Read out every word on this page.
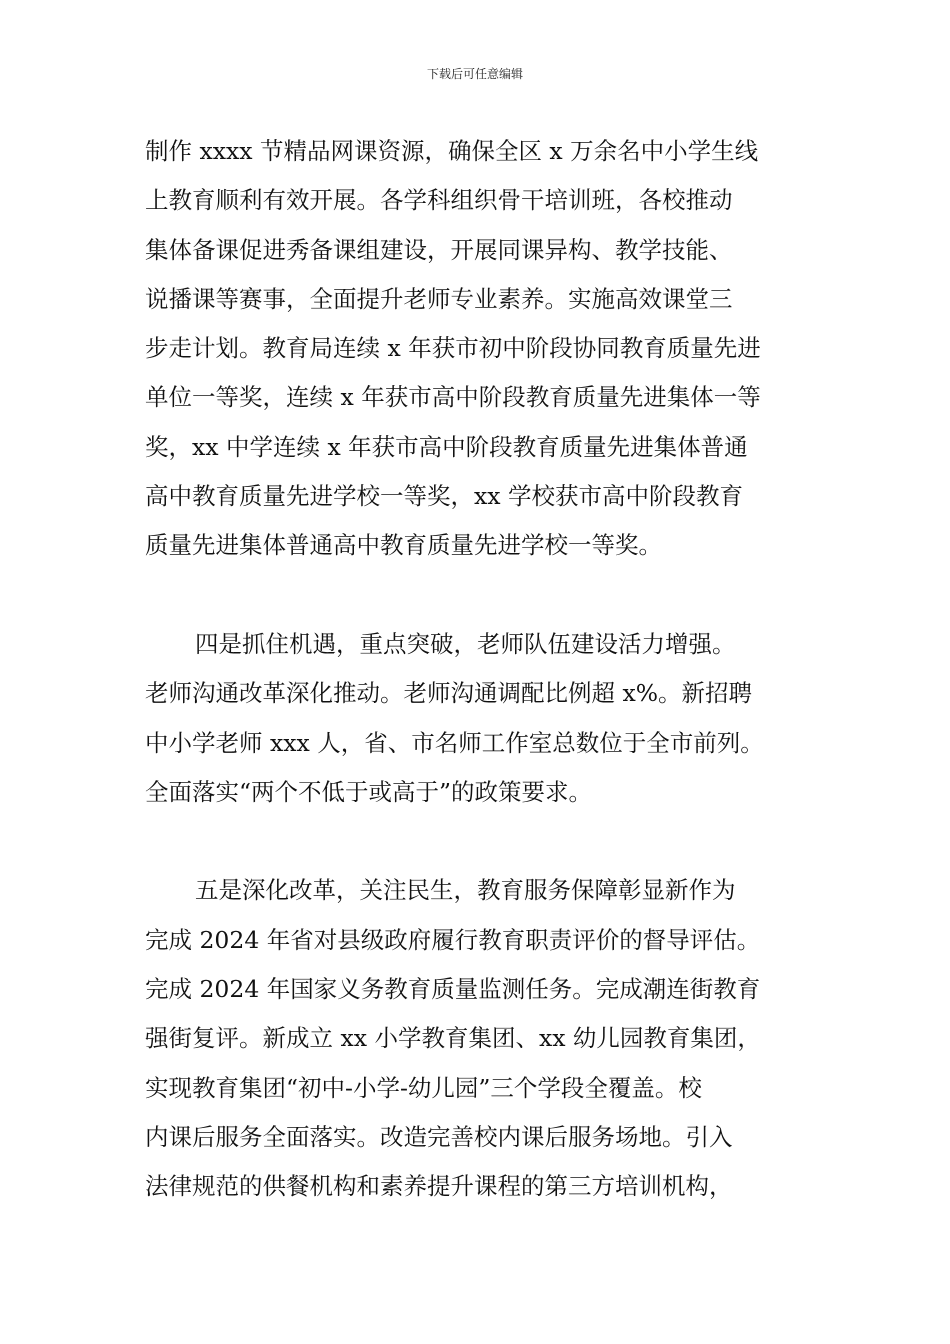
下载后可任意编辑
制作 xxxx 节精品网课资源，确保全区 x 万余名中小学生线
上教育顺利有效开展。各学科组织骨干培训班，各校推动
集体备课促进秀备课组建设，开展同课异构、教学技能、
说播课等赛事，全面提升老师专业素养。实施高效课堂三
步走计划。教育局连续 x 年获市初中阶段协同教育质量先进
单位一等奖，连续 x 年获市高中阶段教育质量先进集体一等
奖，xx 中学连续 x 年获市高中阶段教育质量先进集体普通
高中教育质量先进学校一等奖，xx 学校获市高中阶段教育
质量先进集体普通高中教育质量先进学校一等奖。
四是抓住机遇，重点突破，老师队伍建设活力增强。
老师沟通改革深化推动。老师沟通调配比例超 x%。新招聘
中小学老师 xxx 人，省、市名师工作室总数位于全市前列。
全面落实“两个不低于或高于”的政策要求。
五是深化改革，关注民生，教育服务保障彰显新作为
完成 2024 年省对县级政府履行教育职责评价的督导评估。
完成 2024 年国家义务教育质量监测任务。完成潮连街教育
强街复评。新成立 xx 小学教育集团、xx 幼儿园教育集团，
实现教育集团“初中-小学-幼儿园”三个学段全覆盖。校
内课后服务全面落实。改造完善校内课后服务场地。引入
法律规范的供餐机构和素养提升课程的第三方培训机构，
